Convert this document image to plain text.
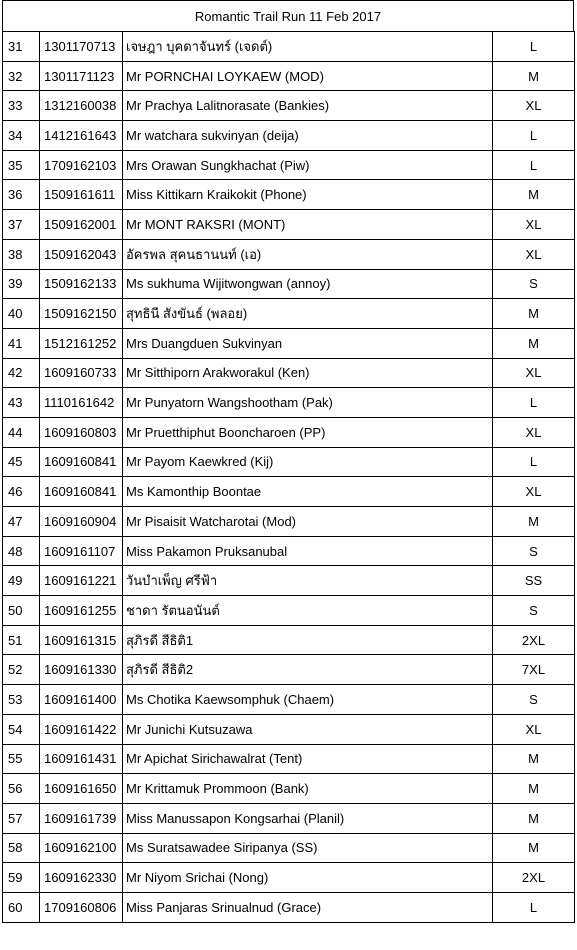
Romantic Trail Run 11 Feb 2017
31	1301170713	เจษฎา บุคดาจันทร์ (เจดต์)	L
32	1301171123	Mr PORNCHAI LOYKAEW (MOD)	M
33	1312160038	Mr Prachya Lalitnorasate (Bankies)	XL
34	1412161643	Mr watchara sukvinyan (deija)	L
35	1709162103	Mrs Orawan Sungkhachat (Piw)	L
36	1509161611	Miss Kittikarn Kraikokit (Phone)	M
37	1509162001	Mr MONT RAKSRI (MONT)	XL
38	1509162043	อัครพล สุคนธานนท์ (เอ)	XL
39	1509162133	Ms sukhuma Wijitwongwan (annoy)	S
40	1509162150	สุทธินี สังขันธ์ (พลอย)	M
41	1512161252	Mrs Duangduen Sukvinyan	M
42	1609160733	Mr Sitthiporn Arakworakul (Ken)	XL
43	1110161642	Mr Punyatorn Wangshootham (Pak)	L
44	1609160803	Mr Pruetthiphut Booncharoen (PP)	XL
45	1609160841	Mr Payom Kaewkred (Kij)	L
46	1609160841	Ms Kamonthip Boontae	XL
47	1609160904	Mr Pisaisit Watcharotai (Mod)	M
48	1609161107	Miss Pakamon Pruksanubal	S
49	1609161221	วันบำเพ็ญ ศรีฟ้า	SS
50	1609161255	ชาดา รัตนอนันต์	S
51	1609161315	สุภิรดี สีธิติ1	2XL
52	1609161330	สุภิรดี สีธิติ2	7XL
53	1609161400	Ms Chotika Kaewsomphuk (Chaem)	S
54	1609161422	Mr Junichi Kutsuzawa	XL
55	1609161431	Mr Apichat Sirichawalrat (Tent)	M
56	1609161650	Mr Krittamuk Prommoon (Bank)	M
57	1609161739	Miss Manussapon Kongsarhai (Planil)	M
58	1609162100	Ms Suratsawadee Siripanya (SS)	M
59	1609162330	Mr Niyom Srichai (Nong)	2XL
60	1709160806	Miss Panjaras Srinualnud (Grace)	L
